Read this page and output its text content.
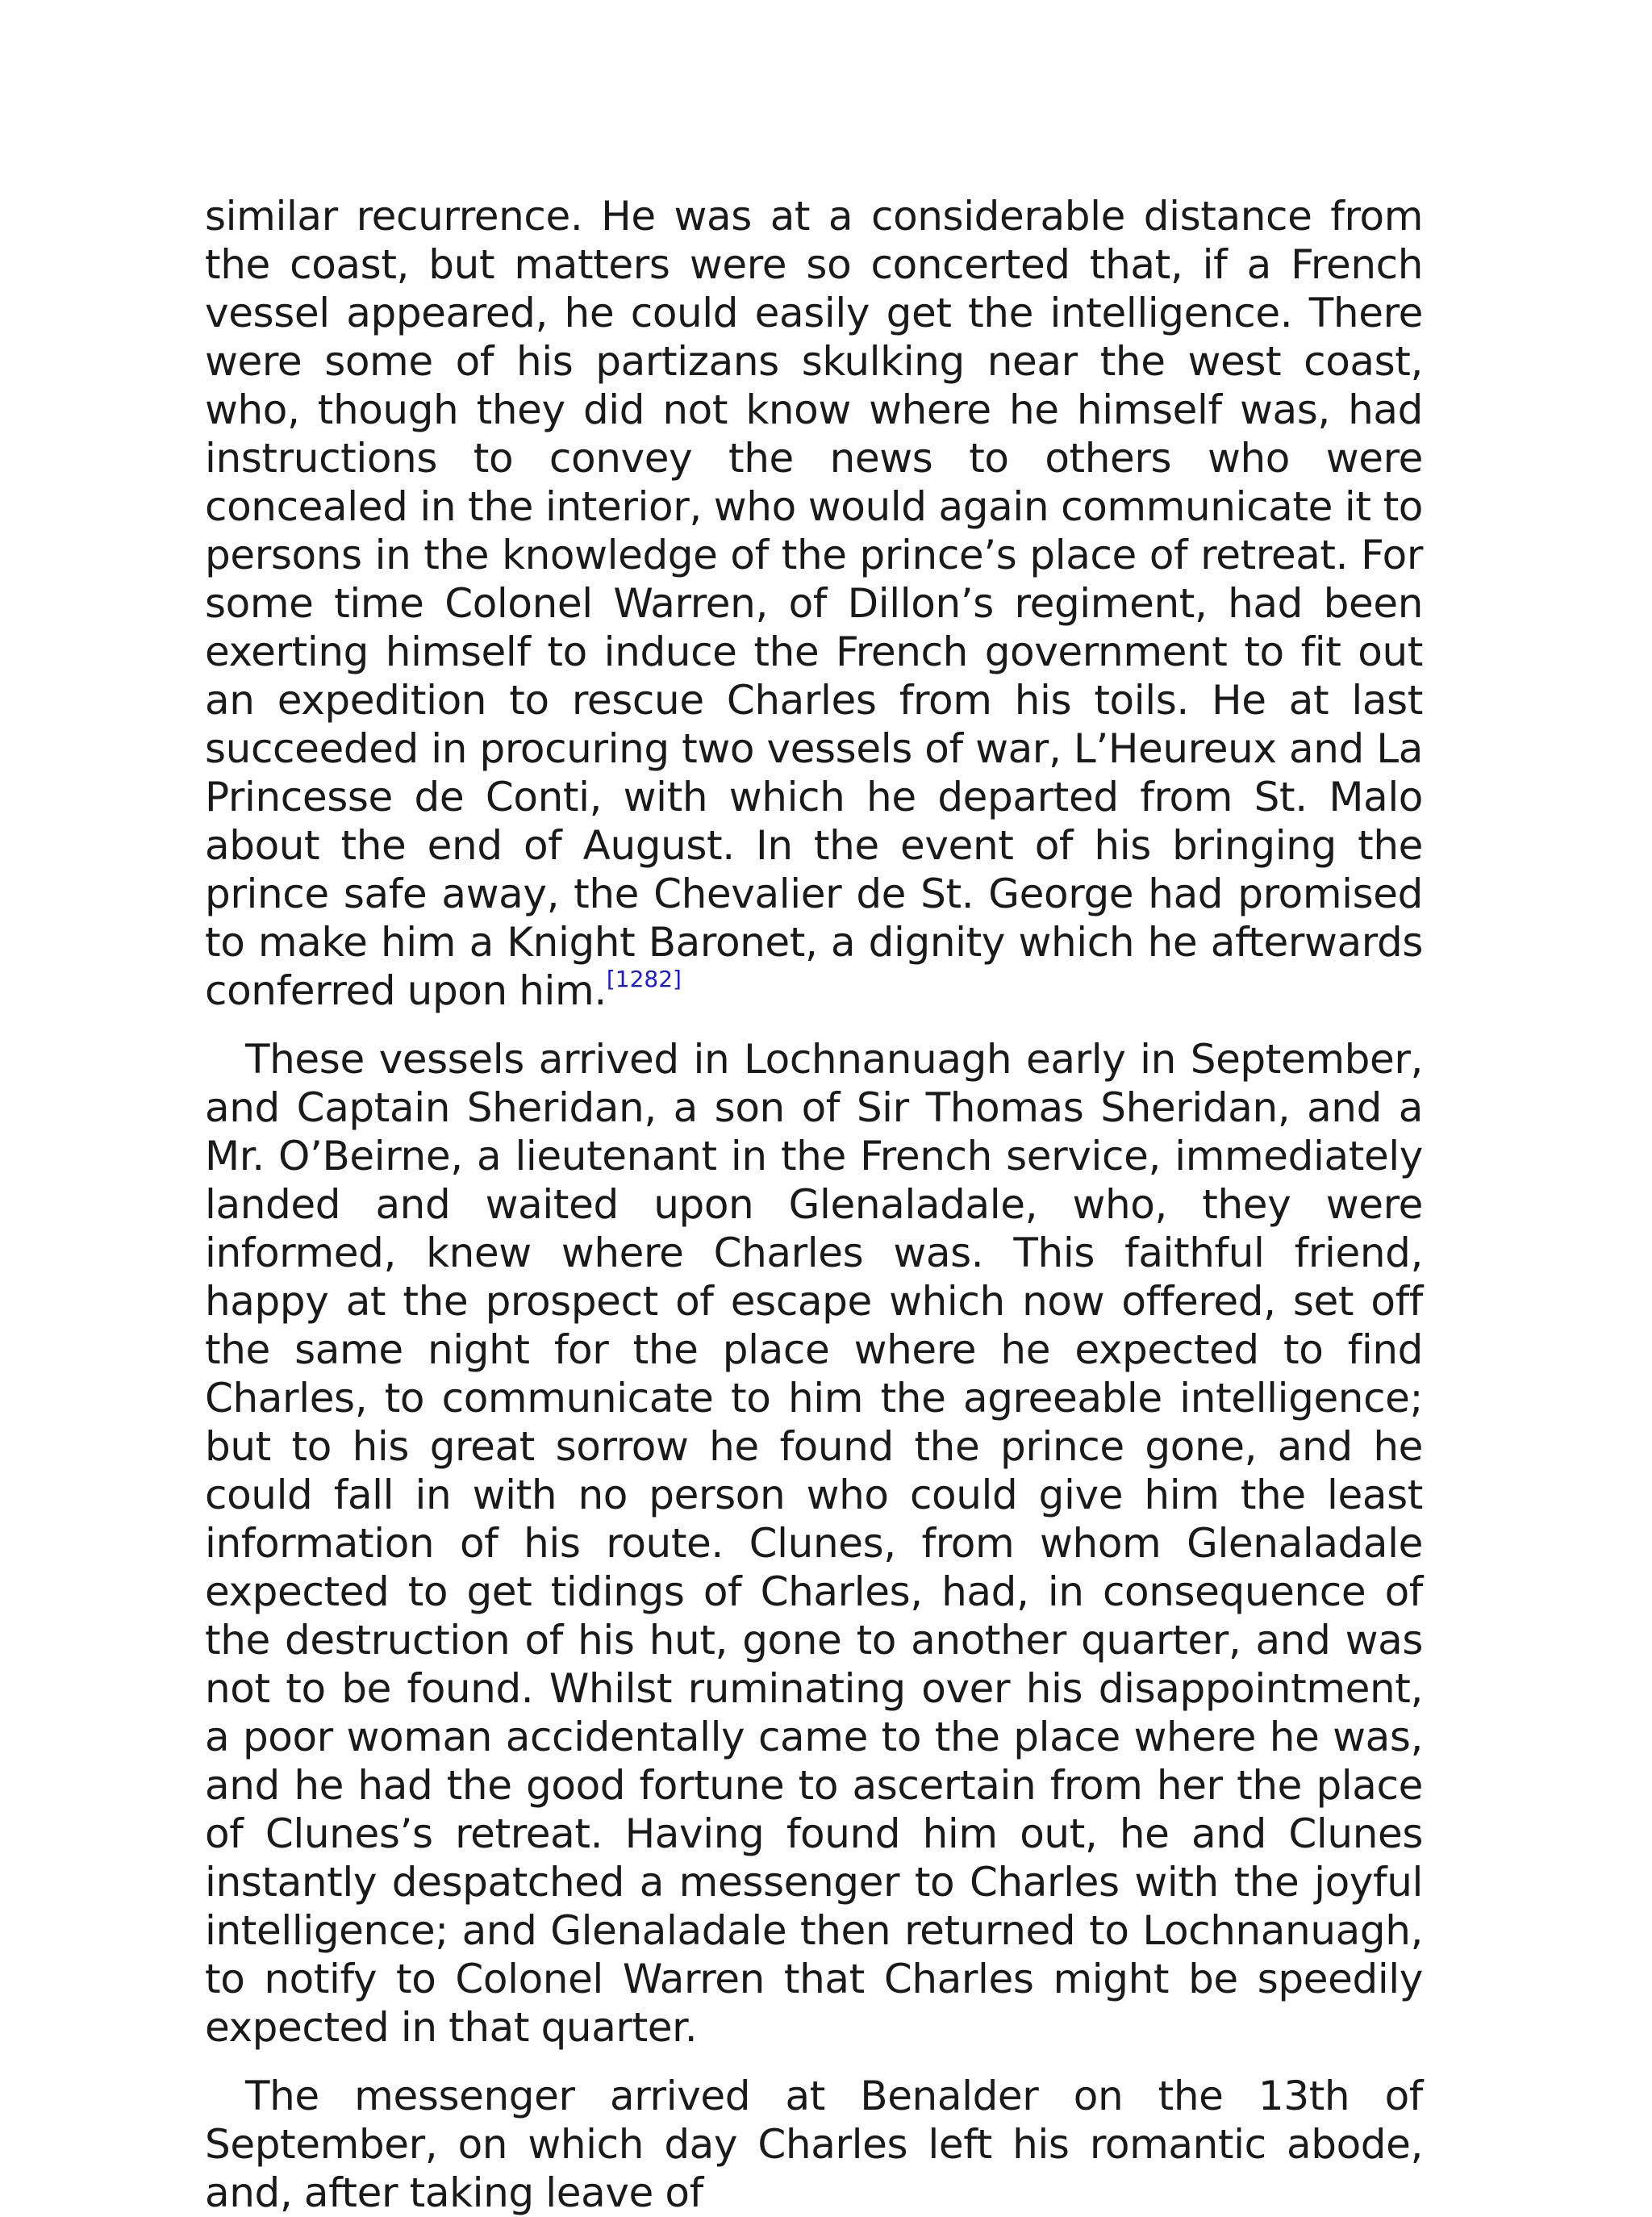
similar recurrence. He was at a considerable distance from the coast, but matters were so concerted that, if a French vessel appeared, he could easily get the intelligence. There were some of his partizans skulking near the west coast, who, though they did not know where he himself was, had instructions to convey the news to others who were concealed in the interior, who would again communicate it to persons in the knowledge of the prince’s place of retreat. For some time Colonel Warren, of Dillon’s regiment, had been exerting himself to induce the French government to fit out an expedition to rescue Charles from his toils. He at last succeeded in procuring two vessels of war, L’Heureux and La Princesse de Conti, with which he departed from St. Malo about the end of August. In the event of his bringing the prince safe away, the Chevalier de St. George had promised to make him a Knight Baronet, a dignity which he afterwards conferred upon him.[1282]

These vessels arrived in Lochnanuagh early in September, and Captain Sheridan, a son of Sir Thomas Sheridan, and a Mr. O’Beirne, a lieutenant in the French service, immediately landed and waited upon Glenaladale, who, they were informed, knew where Charles was. This faithful friend, happy at the prospect of escape which now offered, set off the same night for the place where he expected to find Charles, to communicate to him the agreeable intelligence; but to his great sorrow he found the prince gone, and he could fall in with no person who could give him the least information of his route. Clunes, from whom Glenaladale expected to get tidings of Charles, had, in consequence of the destruction of his hut, gone to another quarter, and was not to be found. Whilst ruminating over his disappointment, a poor woman accidentally came to the place where he was, and he had the good fortune to ascertain from her the place of Clunes’s retreat. Having found him out, he and Clunes instantly despatched a messenger to Charles with the joyful intelligence; and Glenaladale then returned to Lochnanuagh, to notify to Colonel Warren that Charles might be speedily expected in that quarter.

The messenger arrived at Benalder on the 13th of September, on which day Charles left his romantic abode, and, after taking leave of
